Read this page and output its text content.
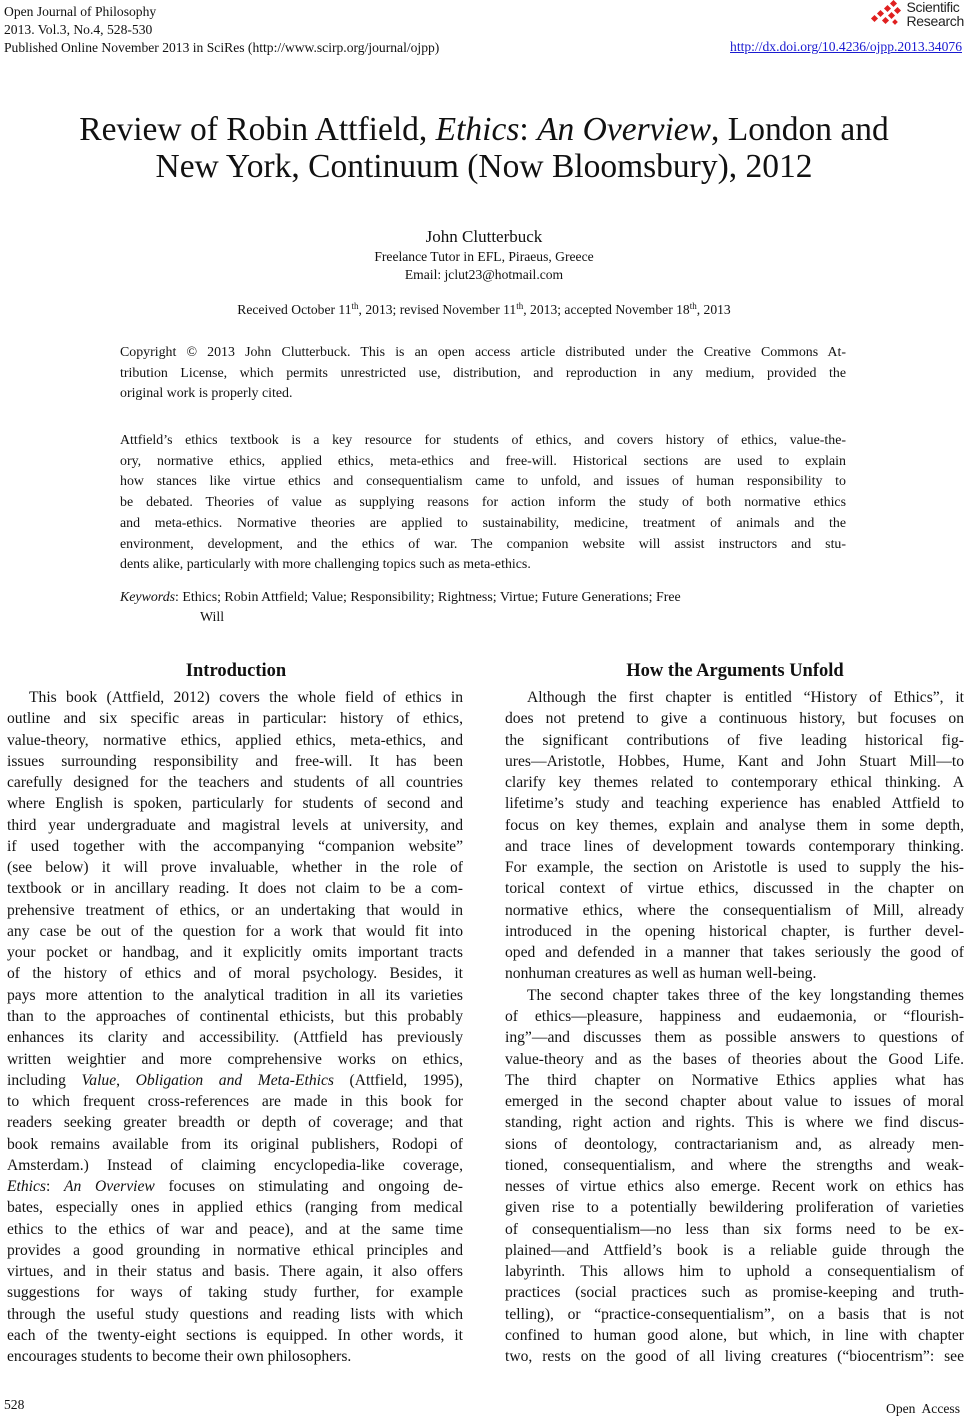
Open Journal of Philosophy
2013. Vol.3, No.4, 528-530
Published Online November 2013 in SciRes (http://www.scirp.org/journal/ojpp)	http://dx.doi.org/10.4236/ojpp.2013.34076
Scientific
Research
Review of Robin Attfield, Ethics: An Overview, London and
New York, Continuum (Now Bloomsbury), 2012
John Clutterbuck
Freelance Tutor in EFL, Piraeus, Greece
Email: jclut23@hotmail.com
Received October 11th, 2013; revised November 11th, 2013; accepted November 18th, 2013
Copyright © 2013 John Clutterbuck. This is an open access article distributed under the Creative Commons At-
tribution License, which permits unrestricted use, distribution, and reproduction in any medium, provided the
original work is properly cited.
Attfield’s ethics textbook is a key resource for students of ethics, and covers history of ethics, value-the-
ory, normative ethics, applied ethics, meta-ethics and free-will. Historical sections are used to explain
how stances like virtue ethics and consequentialism came to unfold, and issues of human responsibility to
be debated. Theories of value as supplying reasons for action inform the study of both normative ethics
and meta-ethics. Normative theories are applied to sustainability, medicine, treatment of animals and the
environment, development, and the ethics of war. The companion website will assist instructors and stu-
dents alike, particularly with more challenging topics such as meta-ethics.
Keywords: Ethics; Robin Attfield; Value; Responsibility; Rightness; Virtue; Future Generations; Free
Will
Introduction	How the Arguments Unfold
This book (Attfield, 2012) covers the whole field of ethics in
outline and six specific areas in particular: history of ethics,
value-theory, normative ethics, applied ethics, meta-ethics, and
issues surrounding responsibility and free-will. It has been
carefully designed for the teachers and students of all countries
where English is spoken, particularly for students of second and
third year undergraduate and magistral levels at university, and
if used together with the accompanying “companion website”
(see below) it will prove invaluable, whether in the role of
textbook or in ancillary reading. It does not claim to be a com-
prehensive treatment of ethics, or an undertaking that would in
any case be out of the question for a work that would fit into
your pocket or handbag, and it explicitly omits important tracts
of the history of ethics and of moral psychology. Besides, it
pays more attention to the analytical tradition in all its varieties
than to the approaches of continental ethicists, but this probably
enhances its clarity and accessibility. (Attfield has previously
written weightier and more comprehensive works on ethics,
including Value, Obligation and Meta-Ethics (Attfield, 1995),
to which frequent cross-references are made in this book for
readers seeking greater breadth or depth of coverage; and that
book remains available from its original publishers, Rodopi of
Amsterdam.) Instead of claiming encyclopedia-like coverage,
Ethics: An Overview focuses on stimulating and ongoing de-
bates, especially ones in applied ethics (ranging from medical
ethics to the ethics of war and peace), and at the same time
provides a good grounding in normative ethical principles and
virtues, and in their status and basis. There again, it also offers
suggestions for ways of taking study further, for example
through the useful study questions and reading lists with which
each of the twenty-eight sections is equipped. In other words, it
encourages students to become their own philosophers.
Although the first chapter is entitled “History of Ethics”, it
does not pretend to give a continuous history, but focuses on
the significant contributions of five leading historical fig-
ures—Aristotle, Hobbes, Hume, Kant and John Stuart Mill—to
clarify key themes related to contemporary ethical thinking. A
lifetime’s study and teaching experience has enabled Attfield to
focus on key themes, explain and analyse them in some depth,
and trace lines of development towards contemporary thinking.
For example, the section on Aristotle is used to supply the his-
torical context of virtue ethics, discussed in the chapter on
normative ethics, where the consequentialism of Mill, already
introduced in the opening historical chapter, is further devel-
oped and defended in a manner that takes seriously the good of
nonhuman creatures as well as human well-being.
The second chapter takes three of the key longstanding themes
of ethics—pleasure, happiness and eudaemonia, or “flourish-
ing”—and discusses them as possible answers to questions of
value-theory and as the bases of theories about the Good Life.
The third chapter on Normative Ethics applies what has
emerged in the second chapter about value to issues of moral
standing, right action and rights. This is where we find discus-
sions of deontology, contractarianism and, as already men-
tioned, consequentialism, and where the strengths and weak-
nesses of virtue ethics also emerge. Recent work on ethics has
given rise to a potentially bewildering proliferation of varieties
of consequentialism—no less than six forms need to be ex-
plained—and Attfield’s book is a reliable guide through the
labyrinth. This allows him to uphold a consequentialism of
practices (social practices such as promise-keeping and truth-
telling), or “practice-consequentialism”, on a basis that is not
confined to human good alone, but which, in line with chapter
two, rests on the good of all living creatures (“biocentrism”: see
528	Open  Access
